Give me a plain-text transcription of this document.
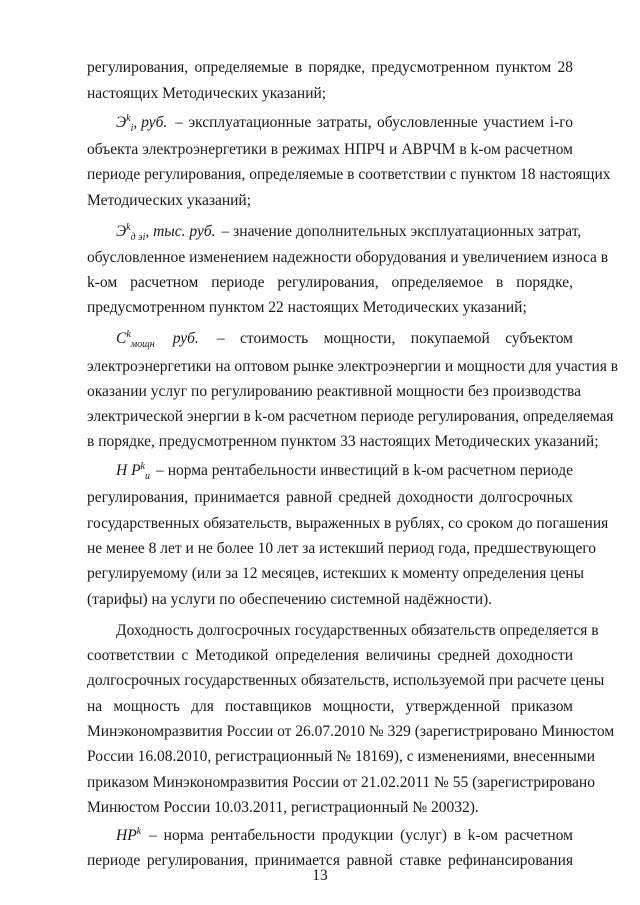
регулирования, определяемые в порядке, предусмотренном пунктом 28
настоящих Методических указаний;
$Э^k_i$, руб. – эксплуатационные затраты, обусловленные участием i-го
объекта электроэнергетики в режимах НПРЧ и АВРЧМ в k-ом расчетном
периоде регулирования, определяемые в соответствии с пунктом 18 настоящих
Методических указаний;
$Э^k_{д эi}$, тыс. руб. – значение дополнительных эксплуатационных затрат,
обусловленное изменением надежности оборудования и увеличением износа в
k-ом расчетном периоде регулирования, определяемое в порядке,
предусмотренном пунктом 22 настоящих Методических указаний;
$С^k_{мощн}$ руб. – стоимость мощности, покупаемой субъектом
электроэнергетики на оптовом рынке электроэнергии и мощности для участия в
оказании услуг по регулированию реактивной мощности без производства
электрической энергии в k-ом расчетном периоде регулирования, определяемая
в порядке, предусмотренном пунктом 33 настоящих Методических указаний;
Н $Р^k_и$ – норма рентабельности инвестиций в k-ом расчетном периоде
регулирования, принимается равной средней доходности долгосрочных
государственных обязательств, выраженных в рублях, со сроком до погашения
не менее 8 лет и не более 10 лет за истекший период года, предшествующего
регулируемому (или за 12 месяцев, истекших к моменту определения цены
(тарифы) на услуги по обеспечению системной надёжности).
Доходность долгосрочных государственных обязательств определяется в
соответствии с Методикой определения величины средней доходности
долгосрочных государственных обязательств, используемой при расчете цены
на мощность для поставщиков мощности, утвержденной приказом
Минэкономразвития России от 26.07.2010 № 329 (зарегистрировано Минюстом
России 16.08.2010, регистрационный № 18169), с изменениями, внесенными
приказом Минэкономразвития России от 21.02.2011 № 55 (зарегистрировано
Минюстом России 10.03.2011, регистрационный № 20032).
$НР^k$ – норма рентабельности продукции (услуг) в k-ом расчетном
периоде регулирования, принимается равной ставке рефинансирования
13
